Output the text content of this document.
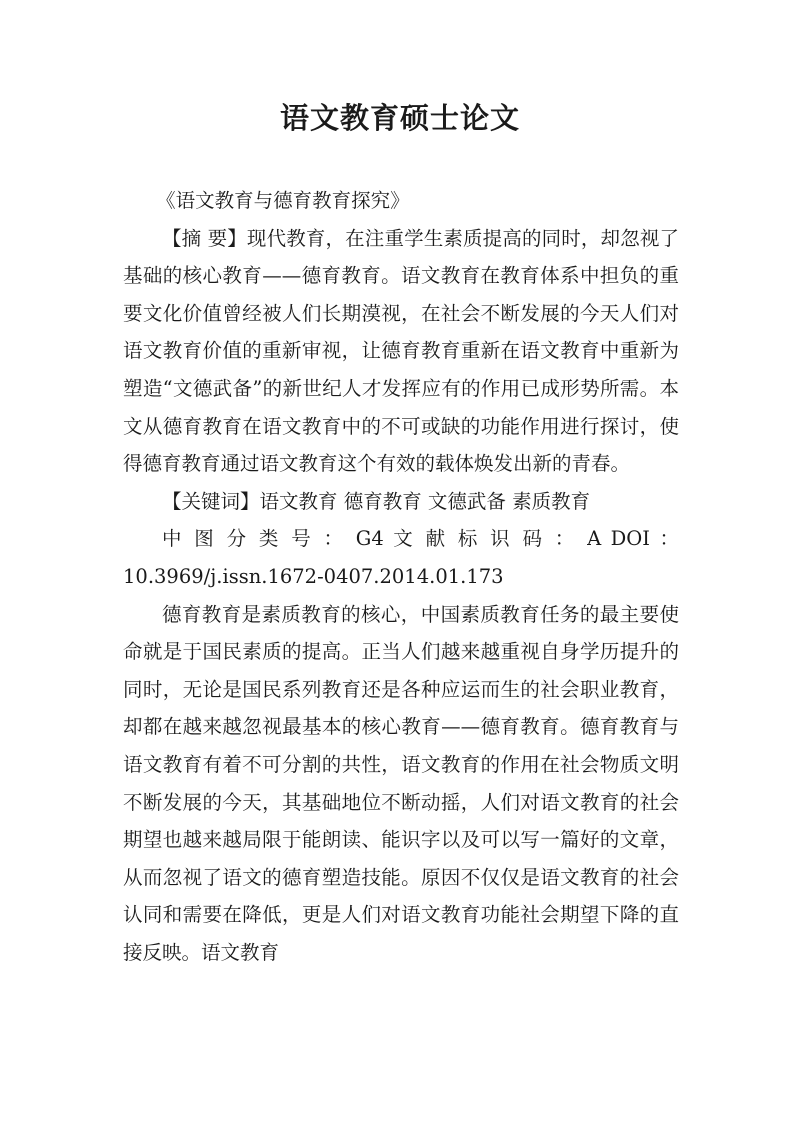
语文教育硕士论文

《语文教育与德育教育探究》

【摘 要】现代教育，在注重学生素质提高的同时，却忽视了基础的核心教育——德育教育。语文教育在教育体系中担负的重要文化价值曾经被人们长期漠视，在社会不断发展的今天人们对语文教育价值的重新审视，让德育教育重新在语文教育中重新为塑造“文德武备”的新世纪人才发挥应有的作用已成形势所需。本文从德育教育在语文教育中的不可或缺的功能作用进行探讨，使得德育教育通过语文教育这个有效的载体焕发出新的青春。

【关键词】语文教育 德育教育 文德武备 素质教育

中 图 分 类 号 ： G4 文 献 标 识 码 ： A DOI ：

10.3969/j.issn.1672-0407.2014.01.173

德育教育是素质教育的核心，中国素质教育任务的最主要使命就是于国民素质的提高。正当人们越来越重视自身学历提升的同时，无论是国民系列教育还是各种应运而生的社会职业教育，却都在越来越忽视最基本的核心教育——德育教育。德育教育与语文教育有着不可分割的共性，语文教育的作用在社会物质文明不断发展的今天，其基础地位不断动摇，人们对语文教育的社会期望也越来越局限于能朗读、能识字以及可以写一篇好的文章，从而忽视了语文的德育塑造技能。原因不仅仅是语文教育的社会认同和需要在降低，更是人们对语文教育功能社会期望下降的直接反映。语文教育
